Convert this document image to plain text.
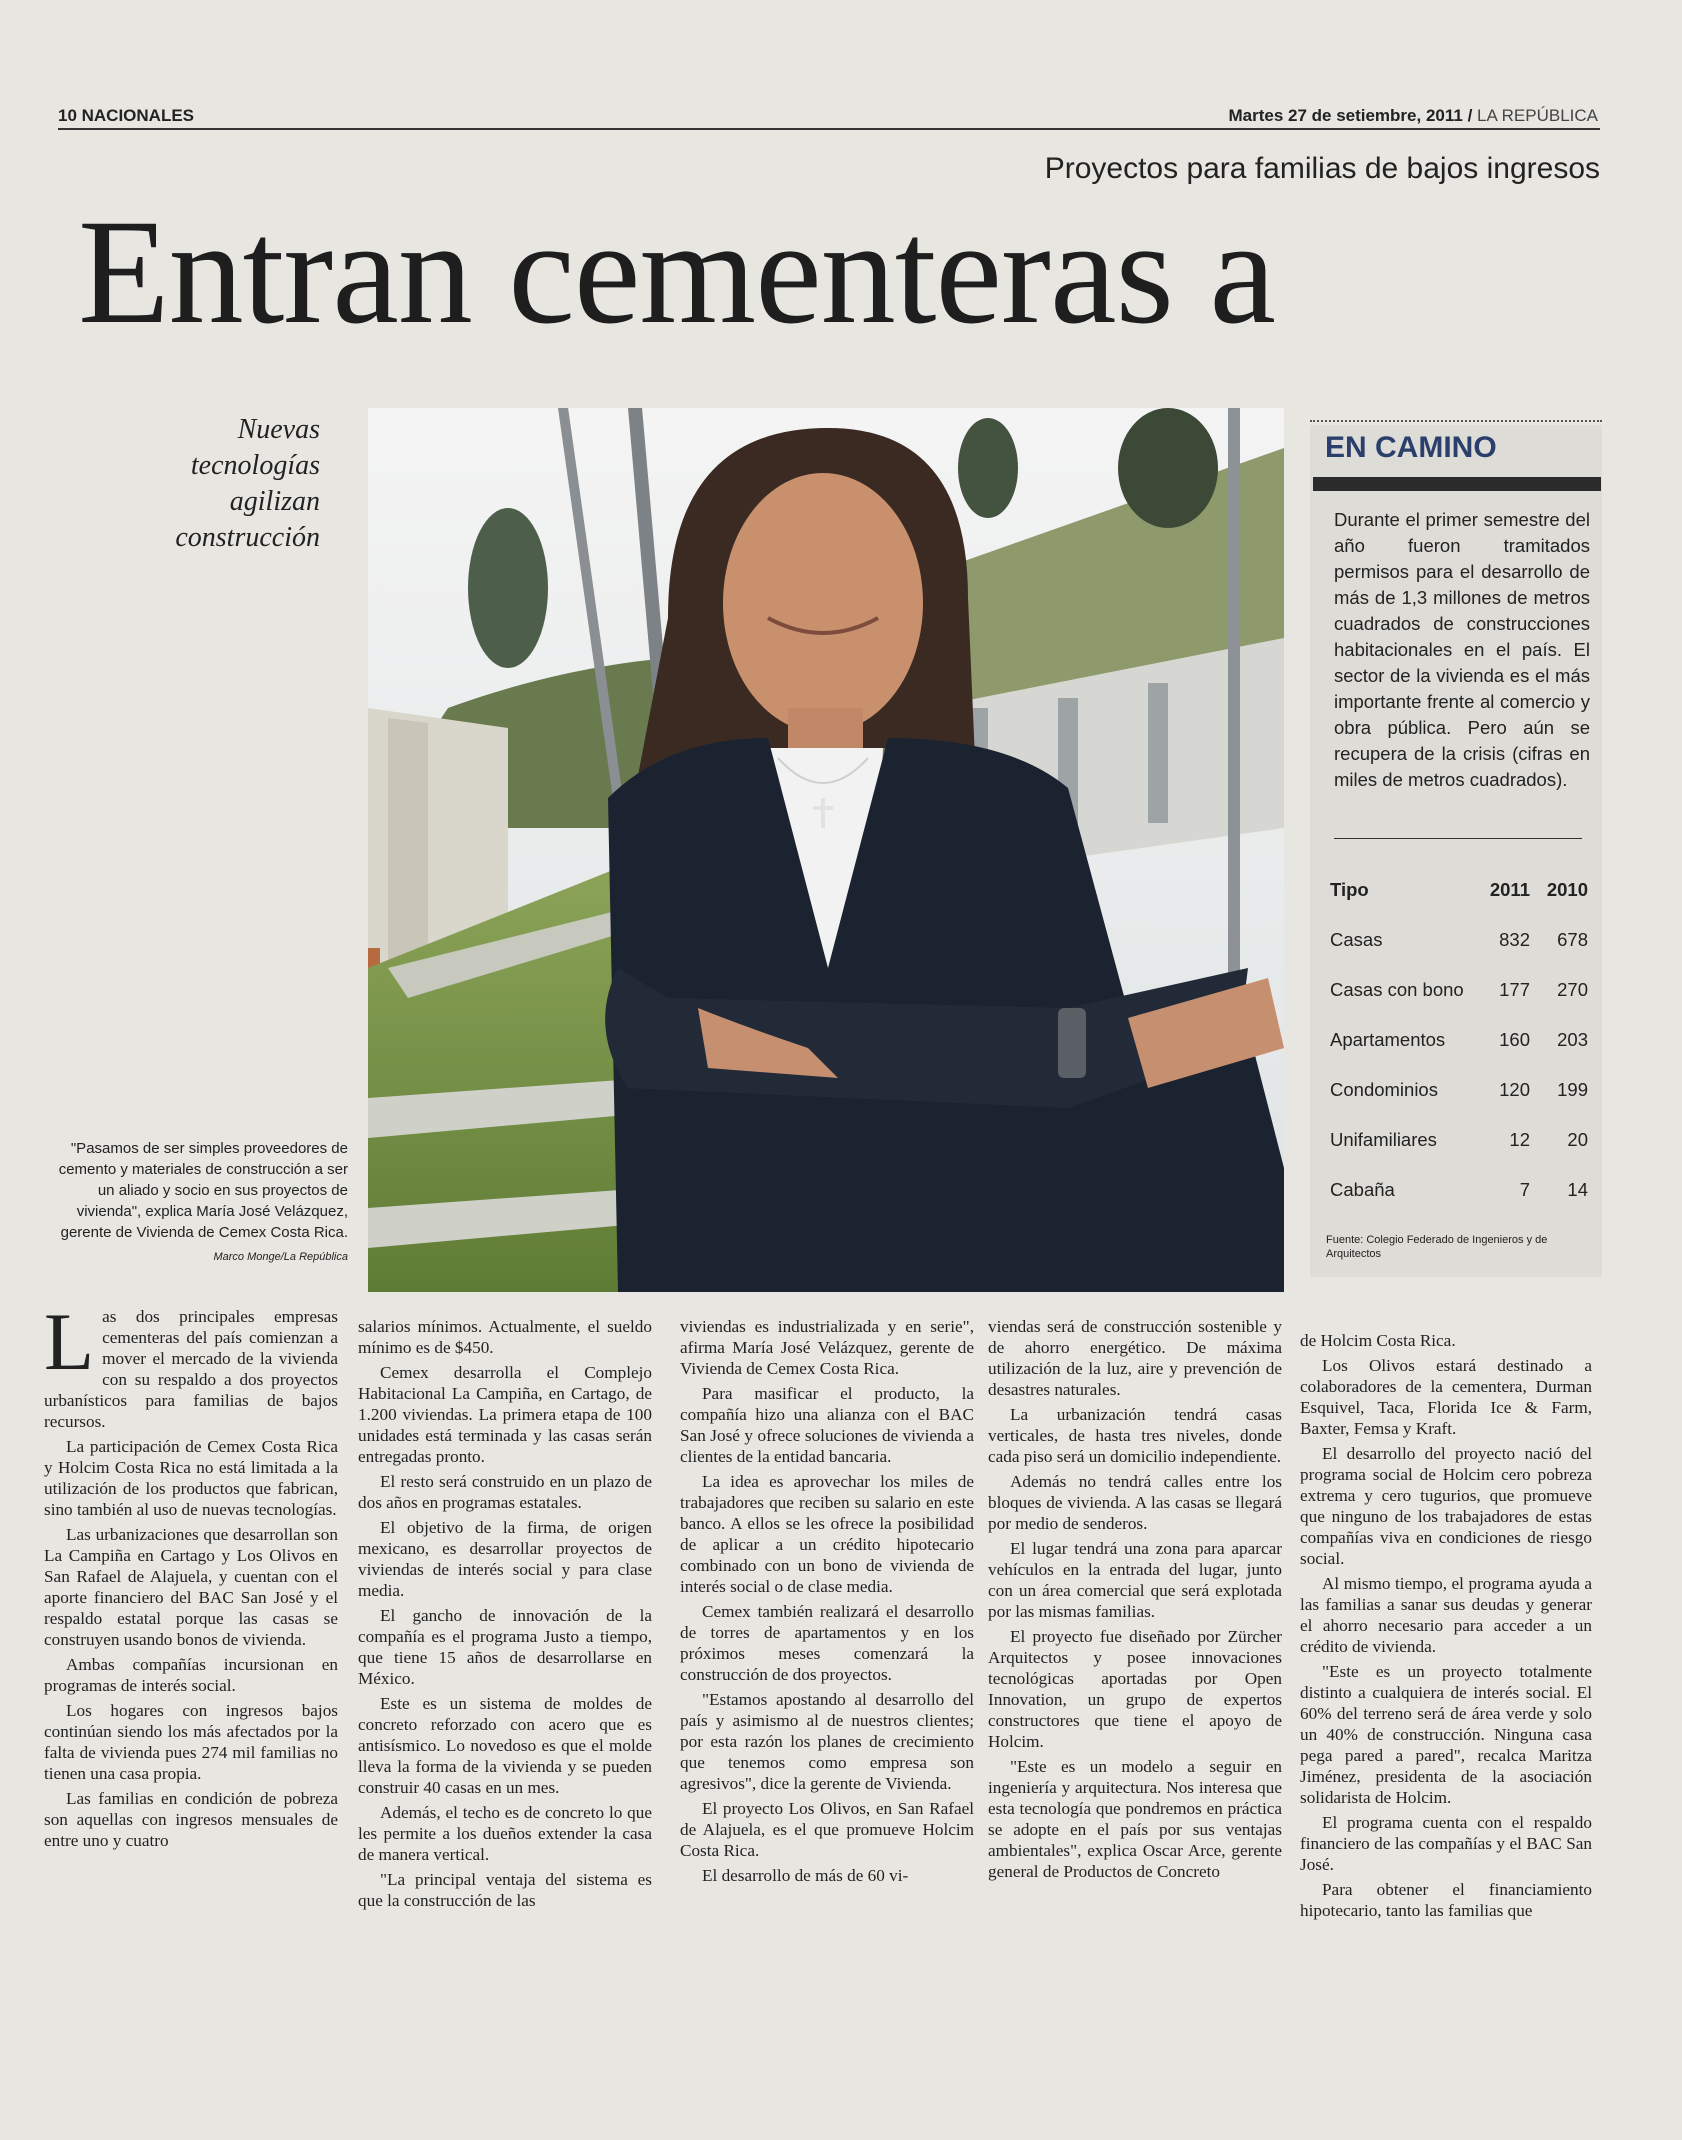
10 NACIONALES	Martes 27 de setiembre, 2011 / LA REPÚBLICA
Proyectos para familias de bajos ingresos
Entran cementeras a
Nuevas
tecnologías
agilizan
construcción
"Pasamos de ser simples proveedores de cemento y materiales de construcción a ser un aliado y socio en sus proyectos de vivienda", explica María José Velázquez, gerente de Vivienda de Cemex Costa Rica.
Marco Monge/La República
EN CAMINO
Durante el primer semestre del año fueron tramitados permisos para el desarrollo de más de 1,3 millones de metros cuadrados de construcciones habitacionales en el país. El sector de la vivienda es el más importante frente al comercio y obra pública. Pero aún se recupera de la crisis (cifras en miles de metros cuadrados).
Tipo	2011	2010
Casas	832	678
Casas con bono	177	270
Apartamentos	160	203
Condominios	120	199
Unifamiliares	12	20
Cabaña	7	14
Fuente: Colegio Federado de Ingenieros y de Arquitectos

Las dos principales empresas cementeras del país comienzan a mover el mercado de la vivienda con su respaldo a dos proyectos urbanísticos para familias de bajos recursos.

La participación de Cemex Costa Rica y Holcim Costa Rica no está limitada a la utilización de los productos que fabrican, sino también al uso de nuevas tecnologías.

Las urbanizaciones que desarrollan son La Campiña en Cartago y Los Olivos en San Rafael de Alajuela, y cuentan con el aporte financiero del BAC San José y el respaldo estatal porque las casas se construyen usando bonos de vivienda.

Ambas compañías incursionan en programas de interés social.

Los hogares con ingresos bajos continúan siendo los más afectados por la falta de vivienda pues 274 mil familias no tienen una casa propia.

Las familias en condición de pobreza son aquellas con ingresos mensuales de entre uno y cuatro

salarios mínimos. Actualmente, el sueldo mínimo es de $450.

Cemex desarrolla el Complejo Habitacional La Campiña, en Cartago, de 1.200 viviendas. La primera etapa de 100 unidades está terminada y las casas serán entregadas pronto.

El resto será construido en un plazo de dos años en programas estatales.

El objetivo de la firma, de origen mexicano, es desarrollar proyectos de viviendas de interés social y para clase media.

El gancho de innovación de la compañía es el programa Justo a tiempo, que tiene 15 años de desarrollarse en México.

Este es un sistema de moldes de concreto reforzado con acero que es antisísmico. Lo novedoso es que el molde lleva la forma de la vivienda y se pueden construir 40 casas en un mes.

Además, el techo es de concreto lo que les permite a los dueños extender la casa de manera vertical.

"La principal ventaja del sistema es que la construcción de las

viviendas es industrializada y en serie", afirma María José Velázquez, gerente de Vivienda de Cemex Costa Rica.

Para masificar el producto, la compañía hizo una alianza con el BAC San José y ofrece soluciones de vivienda a clientes de la entidad bancaria.

La idea es aprovechar los miles de trabajadores que reciben su salario en este banco. A ellos se les ofrece la posibilidad de aplicar a un crédito hipotecario combinado con un bono de vivienda de interés social o de clase media.

Cemex también realizará el desarrollo de torres de apartamentos y en los próximos meses comenzará la construcción de dos proyectos.

"Estamos apostando al desarrollo del país y asimismo al de nuestros clientes; por esta razón los planes de crecimiento que tenemos como empresa son agresivos", dice la gerente de Vivienda.

El proyecto Los Olivos, en San Rafael de Alajuela, es el que promueve Holcim Costa Rica.

El desarrollo de más de 60 vi-

viendas será de construcción sostenible y de ahorro energético. De máxima utilización de la luz, aire y prevención de desastres naturales.

La urbanización tendrá casas verticales, de hasta tres niveles, donde cada piso será un domicilio independiente.

Además no tendrá calles entre los bloques de vivienda. A las casas se llegará por medio de senderos.

El lugar tendrá una zona para aparcar vehículos en la entrada del lugar, junto con un área comercial que será explotada por las mismas familias.

El proyecto fue diseñado por Zürcher Arquitectos y posee innovaciones tecnológicas aportadas por Open Innovation, un grupo de expertos constructores que tiene el apoyo de Holcim.

"Este es un modelo a seguir en ingeniería y arquitectura. Nos interesa que esta tecnología que pondremos en práctica se adopte en el país por sus ventajas ambientales", explica Oscar Arce, gerente general de Productos de Concreto

de Holcim Costa Rica.

Los Olivos estará destinado a colaboradores de la cementera, Durman Esquivel, Taca, Florida Ice & Farm, Baxter, Femsa y Kraft.

El desarrollo del proyecto nació del programa social de Holcim cero pobreza extrema y cero tugurios, que promueve que ninguno de los trabajadores de estas compañías viva en condiciones de riesgo social.

Al mismo tiempo, el programa ayuda a las familias a sanar sus deudas y generar el ahorro necesario para acceder a un crédito de vivienda.

"Este es un proyecto totalmente distinto a cualquiera de interés social. El 60% del terreno será de área verde y solo un 40% de construcción. Ninguna casa pega pared a pared", recalca Maritza Jiménez, presidenta de la asociación solidarista de Holcim.

El programa cuenta con el respaldo financiero de las compañías y el BAC San José.

Para obtener el financiamiento hipotecario, tanto las familias que
